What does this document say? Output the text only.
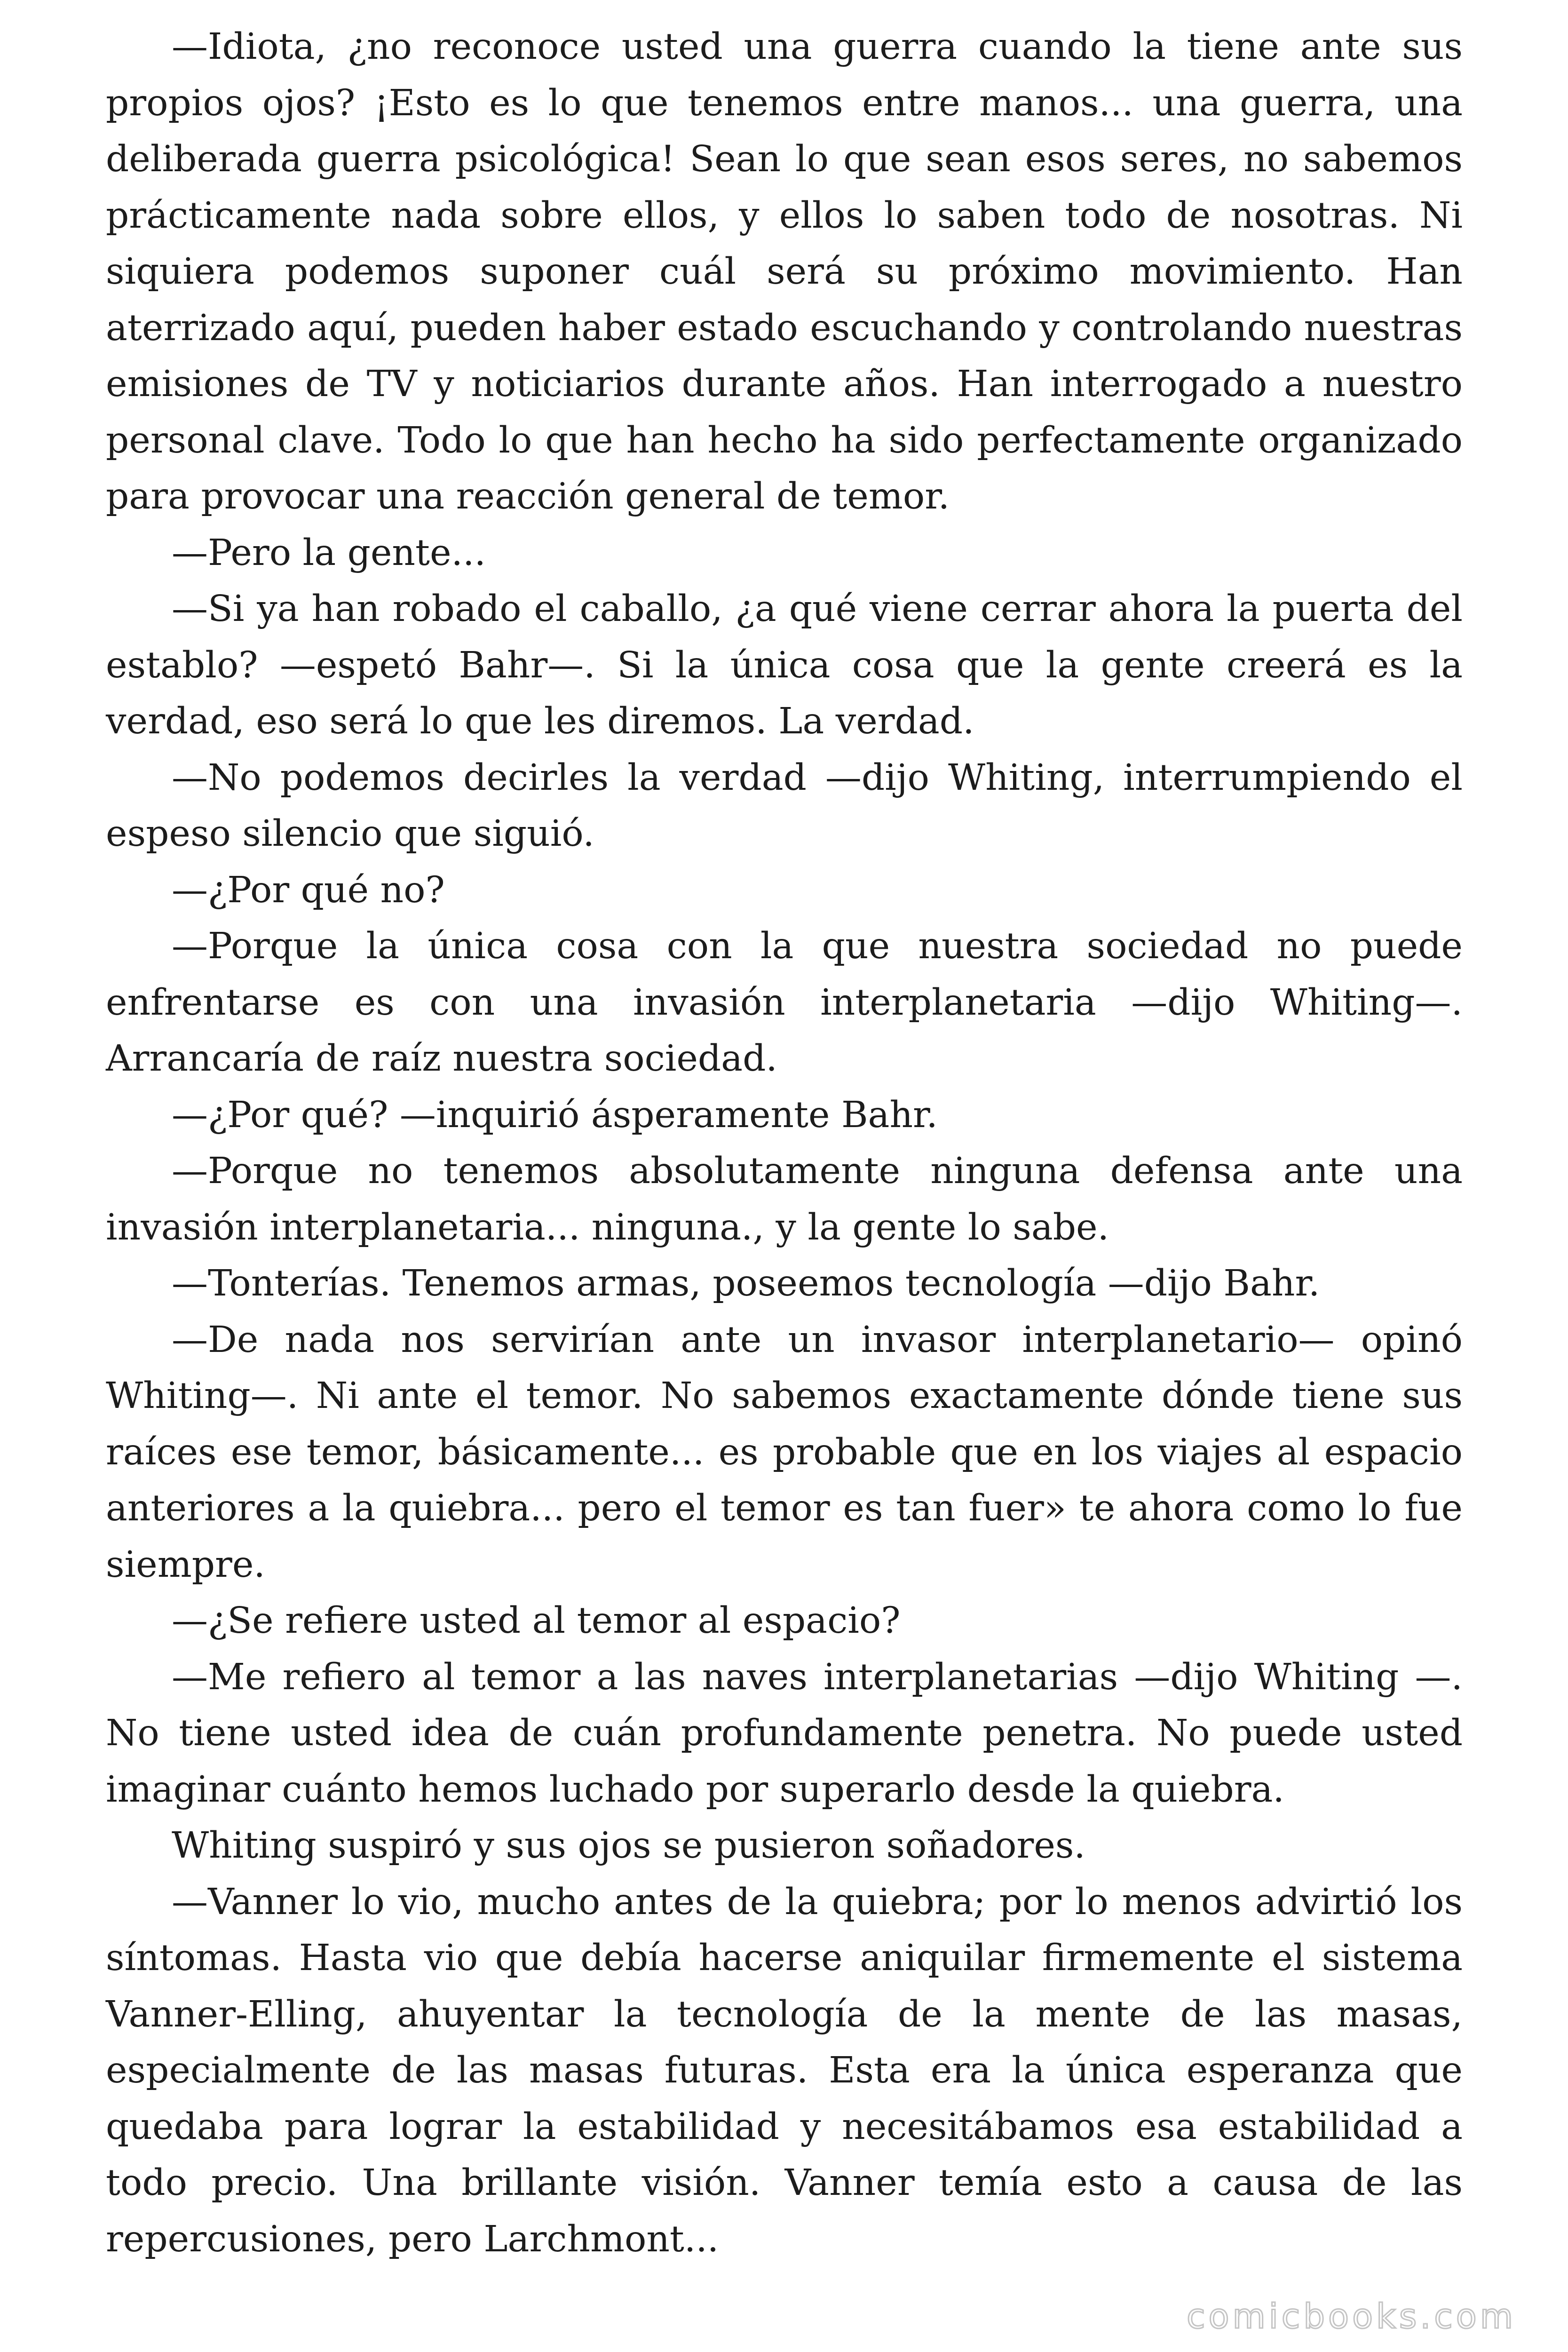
—Idiota, ¿no reconoce usted una guerra cuando la tiene ante sus propios ojos? ¡Esto es lo que tenemos entre manos... una guerra, una deliberada guerra psicológica! Sean lo que sean esos seres, no sabemos prácticamente nada sobre ellos, y ellos lo saben todo de nosotras. Ni siquiera podemos suponer cuál será su próximo movimiento. Han aterrizado aquí, pueden haber estado escuchando y controlando nuestras emisiones de TV y noticiarios durante años. Han interrogado a nuestro personal clave. Todo lo que han hecho ha sido perfectamente organizado para provocar una reacción general de temor.

—Pero la gente...

—Si ya han robado el caballo, ¿a qué viene cerrar ahora la puerta del establo? —espetó Bahr—. Si la única cosa que la gente creerá es la verdad, eso será lo que les diremos. La verdad.

—No podemos decirles la verdad —dijo Whiting, interrumpiendo el espeso silencio que siguió.

—¿Por qué no?

—Porque la única cosa con la que nuestra sociedad no puede enfrentarse es con una invasión interplanetaria —dijo Whiting—. Arrancaría de raíz nuestra sociedad.

—¿Por qué? —inquirió ásperamente Bahr.

—Porque no tenemos absolutamente ninguna defensa ante una invasión interplanetaria... ninguna., y la gente lo sabe.

—Tonterías. Tenemos armas, poseemos tecnología —dijo Bahr.

—De nada nos servirían ante un invasor interplanetario— opinó Whiting—. Ni ante el temor. No sabemos exactamente dónde tiene sus raíces ese temor, básicamente... es probable que en los viajes al espacio anteriores a la quiebra... pero el temor es tan fuer» te ahora como lo fue siempre.

—¿Se refiere usted al temor al espacio?

—Me refiero al temor a las naves interplanetarias —dijo Whiting —. No tiene usted idea de cuán profundamente penetra. No puede usted imaginar cuánto hemos luchado por superarlo desde la quiebra.

Whiting suspiró y sus ojos se pusieron soñadores.

—Vanner lo vio, mucho antes de la quiebra; por lo menos advirtió los síntomas. Hasta vio que debía hacerse aniquilar firmemente el sistema Vanner-Elling, ahuyentar la tecnología de la mente de las masas, especialmente de las masas futuras. Esta era la única esperanza que quedaba para lograr la estabilidad y necesitábamos esa estabilidad a todo precio. Una brillante visión. Vanner temía esto a causa de las repercusiones, pero Larchmont...

comicbooks.com
